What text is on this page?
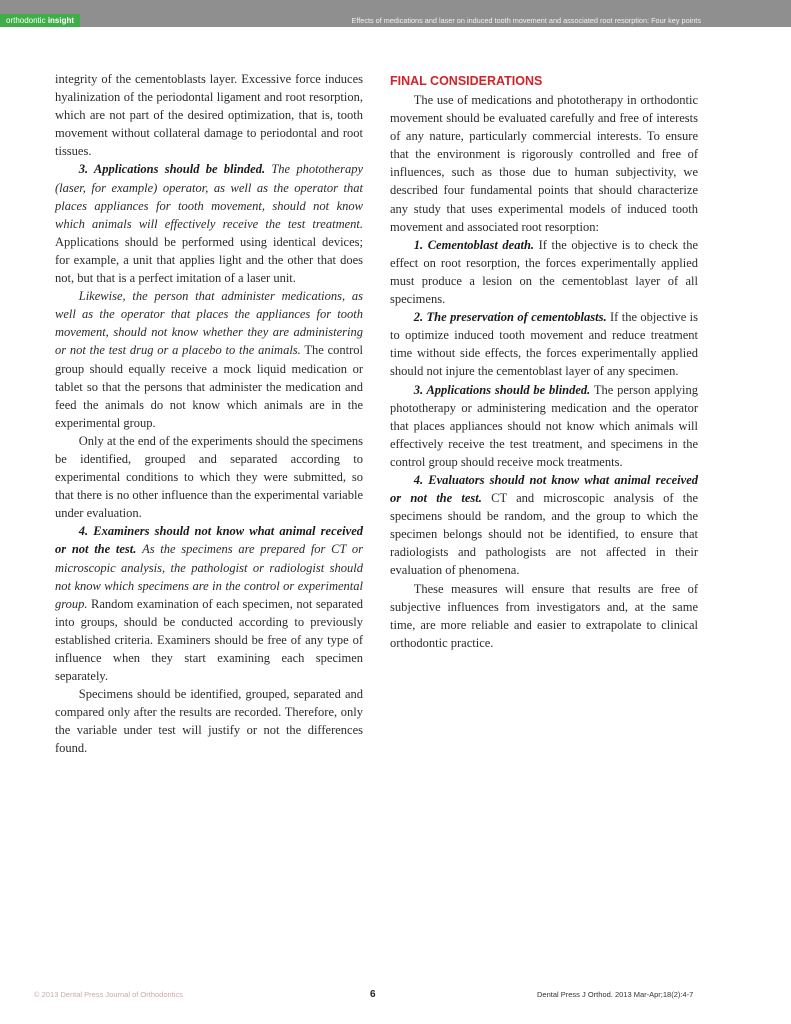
orthodontic insight	Effects of medications and laser on induced tooth movement and associated root resorption: Four key points

integrity of the cementoblasts layer. Excessive force induces hyalinization of the periodontal ligament and root resorption, which are not part of the desired optimization, that is, tooth movement without collateral damage to periodontal and root tissues.

3. Applications should be blinded. The phototherapy (laser, for example) operator, as well as the operator that places appliances for tooth movement, should not know which animals will effectively receive the test treatment. Applications should be performed using identical devices; for example, a unit that applies light and the other that does not, but that is a perfect imitation of a laser unit.

Likewise, the person that administer medications, as well as the operator that places the appliances for tooth movement, should not know whether they are administering or not the test drug or a placebo to the animals. The control group should equally receive a mock liquid medication or tablet so that the persons that administer the medication and feed the animals do not know which animals are in the experimental group.

Only at the end of the experiments should the specimens be identified, grouped and separated according to experimental conditions to which they were submitted, so that there is no other influence than the experimental variable under evaluation.

4. Examiners should not know what animal received or not the test. As the specimens are prepared for CT or microscopic analysis, the pathologist or radiologist should not know which specimens are in the control or experimental group. Random examination of each specimen, not separated into groups, should be conducted according to previously established criteria. Examiners should be free of any type of influence when they start examining each specimen separately.

Specimens should be identified, grouped, separated and compared only after the results are recorded. Therefore, only the variable under test will justify or not the differences found.

FINAL CONSIDERATIONS

The use of medications and phototherapy in orthodontic movement should be evaluated carefully and free of interests of any nature, particularly commercial interests. To ensure that the environment is rigorously controlled and free of influences, such as those due to human subjectivity, we described four fundamental points that should characterize any study that uses experimental models of induced tooth movement and associated root resorption:

1. Cementoblast death. If the objective is to check the effect on root resorption, the forces experimentally applied must produce a lesion on the cementoblast layer of all specimens.

2. The preservation of cementoblasts. If the objective is to optimize induced tooth movement and reduce treatment time without side effects, the forces experimentally applied should not injure the cementoblast layer of any specimen.

3. Applications should be blinded. The person applying phototherapy or administering medication and the operator that places appliances should not know which animals will effectively receive the test treatment, and specimens in the control group should receive mock treatments.

4. Evaluators should not know what animal received or not the test. CT and microscopic analysis of the specimens should be random, and the group to which the specimen belongs should not be identified, to ensure that radiologists and pathologists are not affected in their evaluation of phenomena.

These measures will ensure that results are free of subjective influences from investigators and, at the same time, are more reliable and easier to extrapolate to clinical orthodontic practice.

© 2013 Dental Press Journal of Orthodontics	6	Dental Press J Orthod. 2013 Mar-Apr;18(2):4-7
